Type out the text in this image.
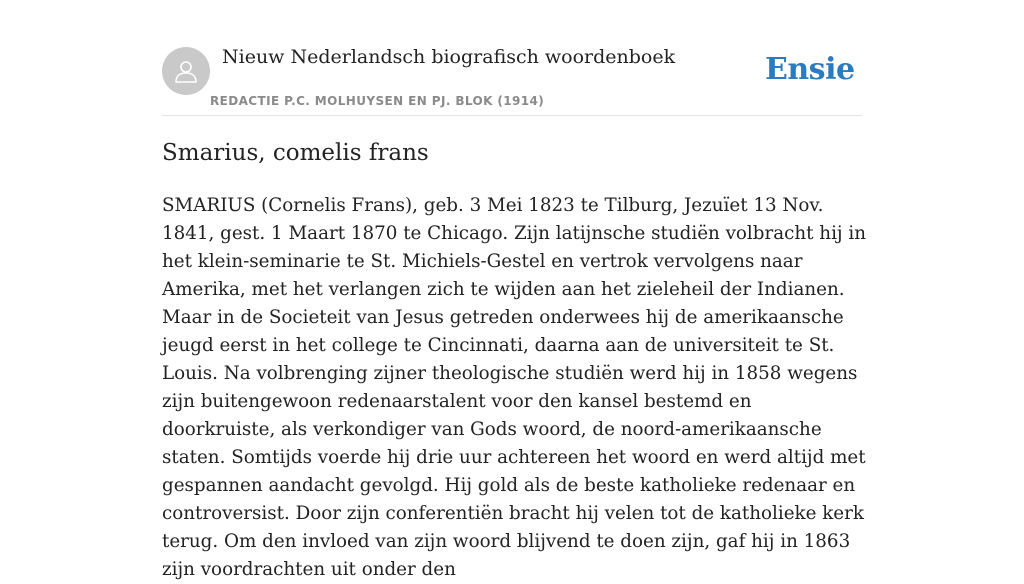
Nieuw Nederlandsch biografisch woordenboek
REDACTIE P.C. MOLHUYSEN EN PJ. BLOK (1914)
Ensie
Smarius, comelis frans

SMARIUS (Cornelis Frans), geb. 3 Mei 1823 te Tilburg, Jezuïet 13 Nov. 1841, gest. 1 Maart 1870 te Chicago. Zijn latijnsche studiën volbracht hij in het klein-seminarie te St. Michiels-Gestel en vertrok vervolgens naar Amerika, met het verlangen zich te wijden aan het zieleheil der Indianen. Maar in de Societeit van Jesus getreden onderwees hij de amerikaansche jeugd eerst in het college te Cincinnati, daarna aan de universiteit te St. Louis. Na volbrenging zijner theologische studiën werd hij in 1858 wegens zijn buitengewoon redenaarstalent voor den kansel bestemd en doorkruiste, als verkondiger van Gods woord, de noord-amerikaansche staten. Somtijds voerde hij drie uur achtereen het woord en werd altijd met gespannen aandacht gevolgd. Hij gold als de beste katholieke redenaar en controversist. Door zijn conferentiën bracht hij velen tot de katholieke kerk terug. Om den invloed van zijn woord blijvend te doen zijn, gaf hij in 1863 zijn voordrachten uit onder den
